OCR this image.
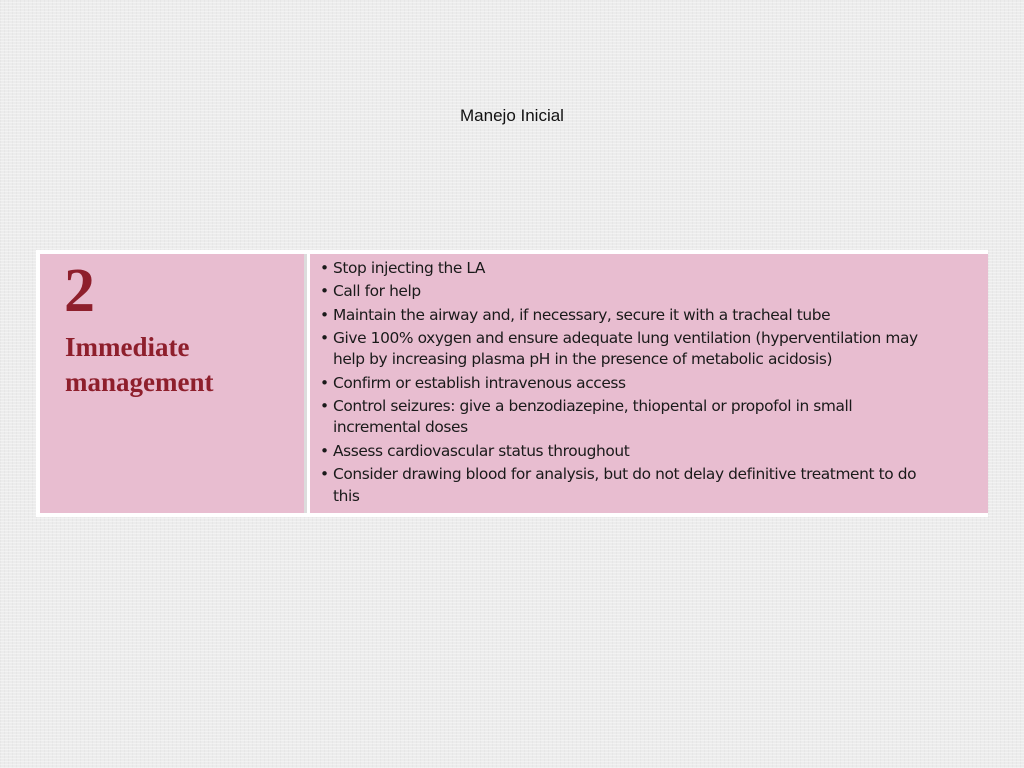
Manejo Inicial
2
Immediate
management
• Stop injecting the LA
• Call for help
• Maintain the airway and, if necessary, secure it with a tracheal tube
• Give 100% oxygen and ensure adequate lung ventilation (hyperventilation may
help by increasing plasma pH in the presence of metabolic acidosis)
• Confirm or establish intravenous access
• Control seizures: give a benzodiazepine, thiopental or propofol in small
incremental doses
• Assess cardiovascular status throughout
• Consider drawing blood for analysis, but do not delay definitive treatment to do
this
